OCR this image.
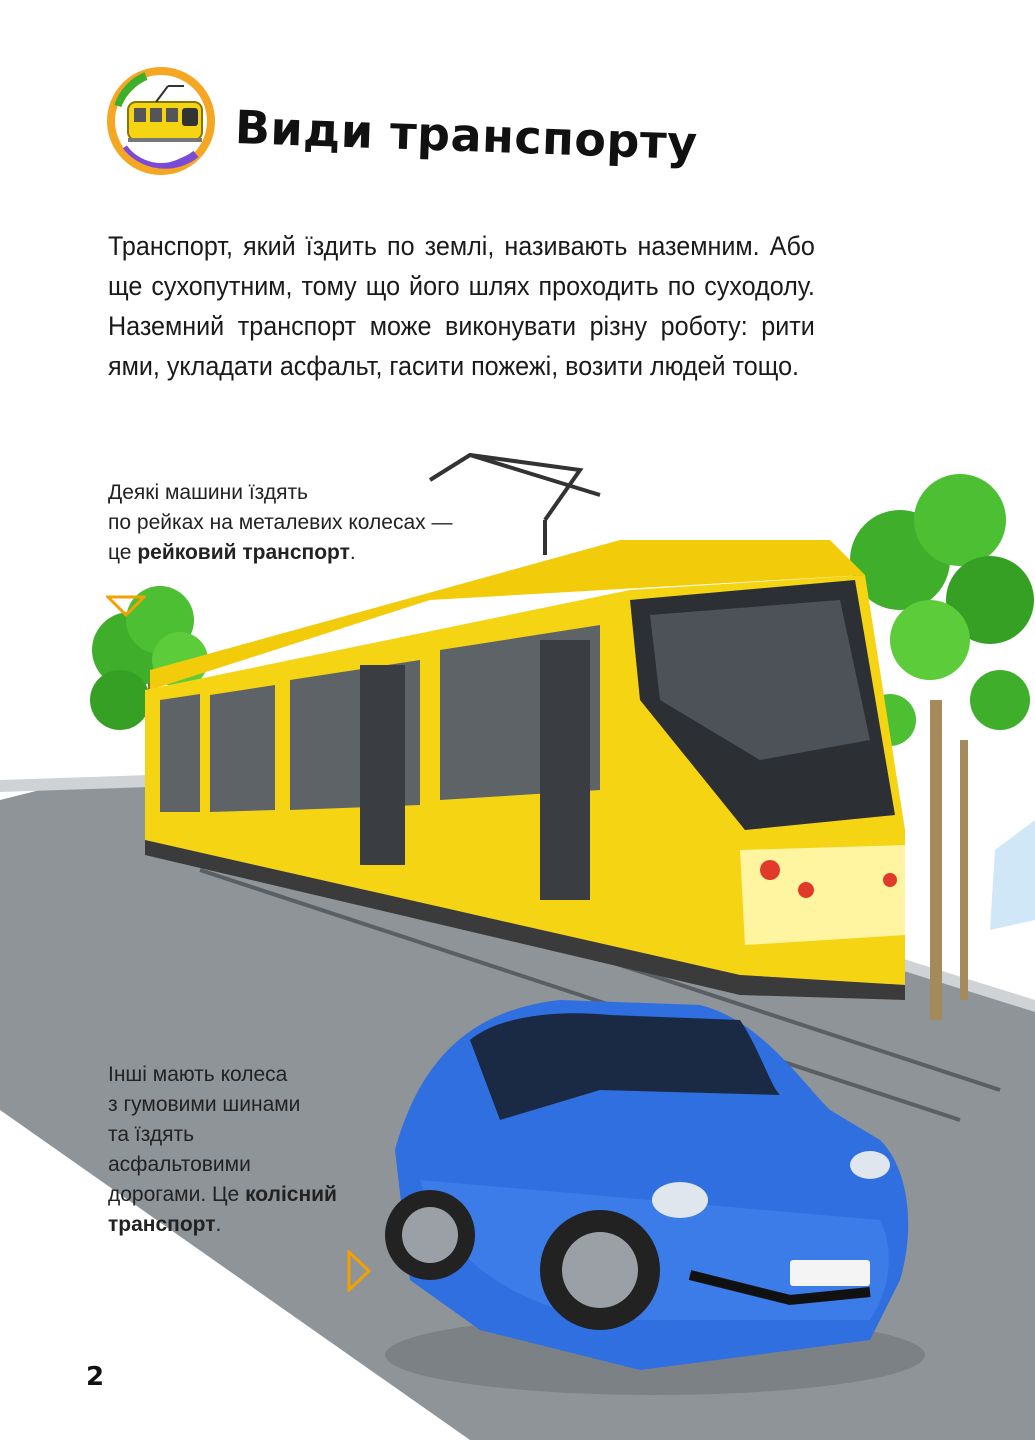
Види транспорту
Транспорт, який їздить по землі, називають наземним. Або ще сухопутним, тому що його шлях проходить по суходолу. Наземний транспорт може виконувати різну роботу: рити ями, укладати асфальт, гасити пожежі, возити людей тощо.
Деякі машини їздять
по рейках на металевих колесах —
це рейковий транспорт.
Інші мають колеса
з гумовими шинами
та їздять
асфальтовими
дорогами. Це колісний
транспорт.
2
